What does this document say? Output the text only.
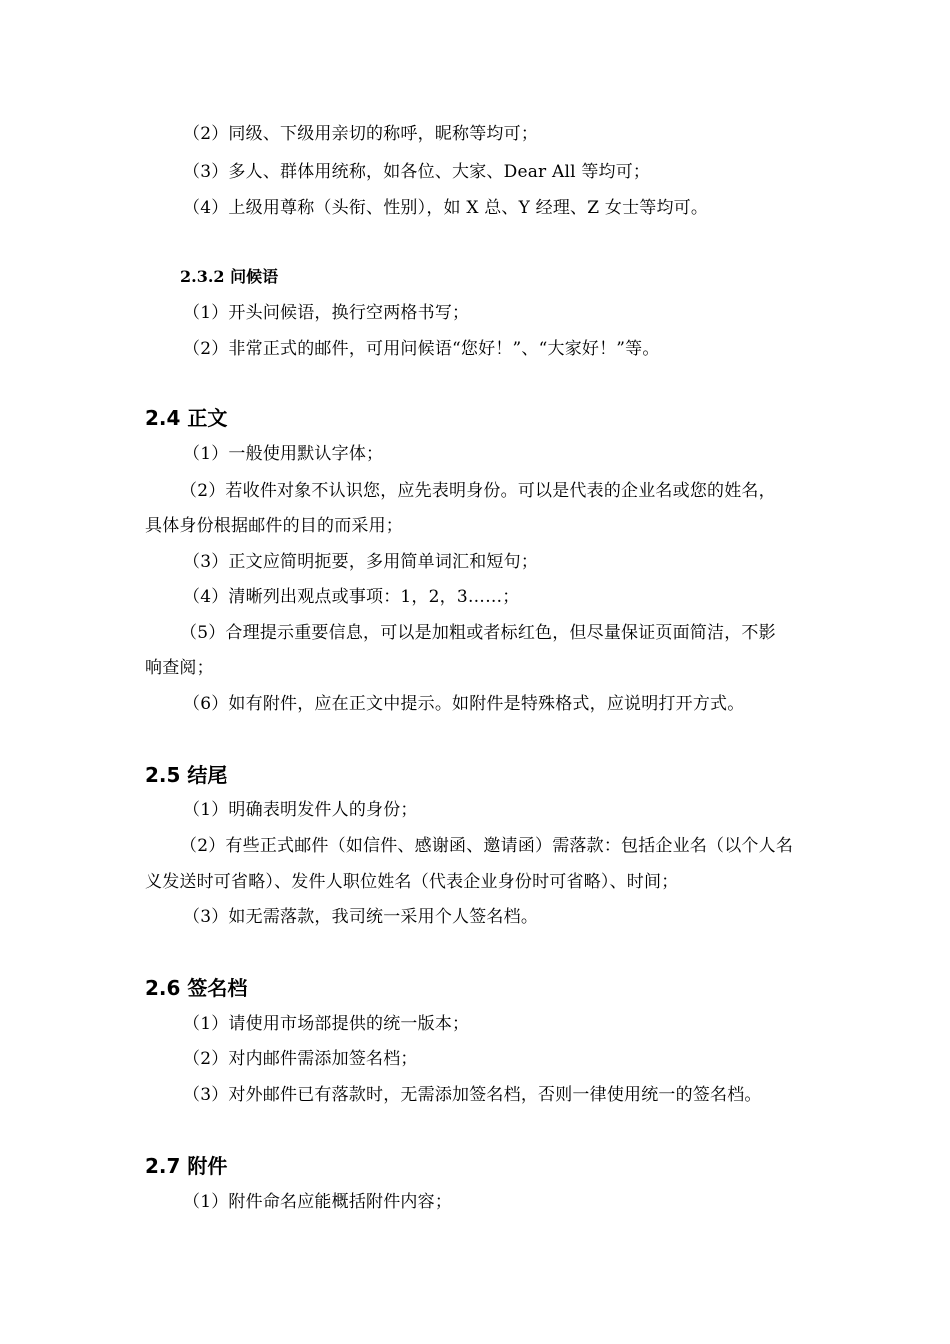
（2）同级、下级用亲切的称呼，昵称等均可；
（3）多人、群体用统称，如各位、大家、Dear All 等均可；
（4）上级用尊称（头衔、性别），如 X 总、Y 经理、Z 女士等均可。
2.3.2 问候语
（1）开头问候语，换行空两格书写；
（2）非常正式的邮件，可用问候语“您好！”、“大家好！”等。
2.4 正文
（1）一般使用默认字体；
（2）若收件对象不认识您，应先表明身份。可以是代表的企业名或您的姓名，
具体身份根据邮件的目的而采用；
（3）正文应简明扼要，多用简单词汇和短句；
（4）清晰列出观点或事项：1，2，3……；
（5）合理提示重要信息，可以是加粗或者标红色，但尽量保证页面简洁，不影
响查阅；
（6）如有附件，应在正文中提示。如附件是特殊格式，应说明打开方式。
2.5 结尾
（1）明确表明发件人的身份；
（2）有些正式邮件（如信件、感谢函、邀请函）需落款：包括企业名（以个人名
义发送时可省略）、发件人职位姓名（代表企业身份时可省略）、时间；
（3）如无需落款，我司统一采用个人签名档。
2.6 签名档
（1）请使用市场部提供的统一版本；
（2）对内邮件需添加签名档；
（3）对外邮件已有落款时，无需添加签名档，否则一律使用统一的签名档。
2.7 附件
（1）附件命名应能概括附件内容；
